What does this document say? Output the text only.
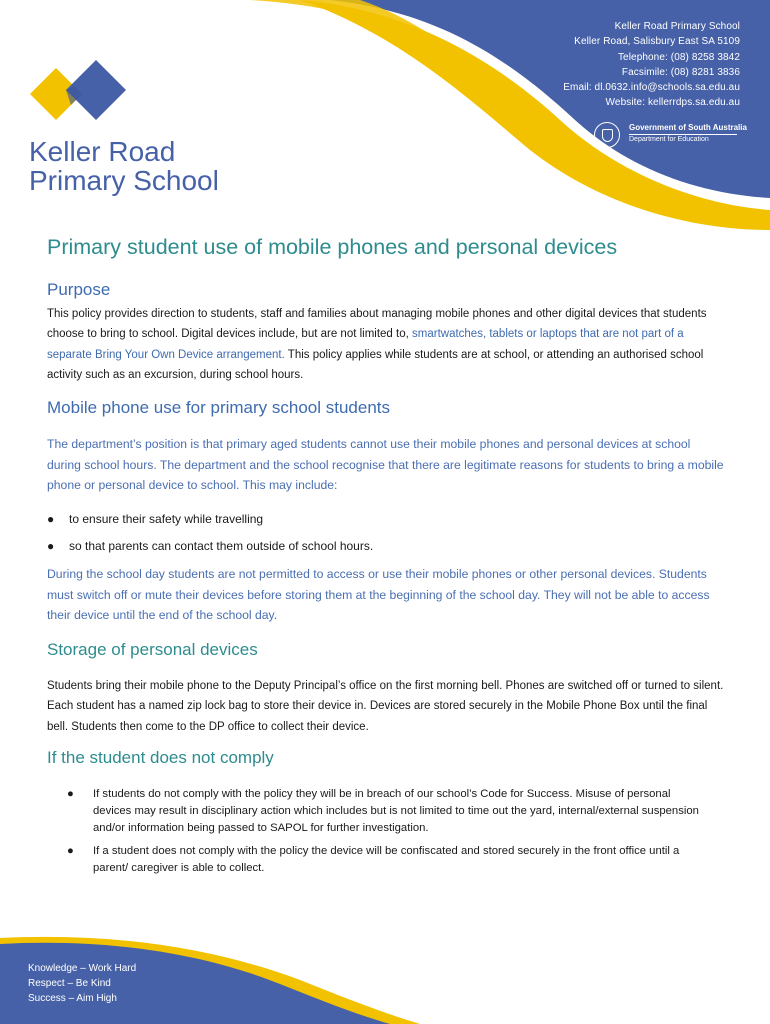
Keller Road Primary School
Keller Road, Salisbury East SA 5109
Telephone: (08) 8258 3842
Facsimile: (08) 8281 3836
Email: dl.0632.info@schools.sa.edu.au
Website: kellerrdps.sa.edu.au
Government of South Australia
Department for Education
Keller Road
Primary School
Primary student use of mobile phones and personal devices
Purpose
This policy provides direction to students, staff and families about managing mobile phones and other digital devices that students choose to bring to school. Digital devices include, but are not limited to, smartwatches, tablets or laptops that are not part of a separate Bring Your Own Device arrangement. This policy applies while students are at school, or attending an authorised school activity such as an excursion, during school hours.
Mobile phone use for primary school students
The department’s position is that primary aged students cannot use their mobile phones and personal devices at school during school hours. The department and the school recognise that there are legitimate reasons for students to bring a mobile phone or personal device to school. This may include:
● to ensure their safety while travelling
● so that parents can contact them outside of school hours.
During the school day students are not permitted to access or use their mobile phones or other personal devices. Students must switch off or mute their devices before storing them at the beginning of the school day. They will not be able to access their device until the end of the school day.
Storage of personal devices
Students bring their mobile phone to the Deputy Principal’s office on the first morning bell. Phones are switched off or turned to silent. Each student has a named zip lock bag to store their device in. Devices are stored securely in the Mobile Phone Box until the final bell. Students then come to the DP office to collect their device.
If the student does not comply
● If students do not comply with the policy they will be in breach of our school’s Code for Success. Misuse of personal devices may result in disciplinary action which includes but is not limited to time out the yard, internal/external suspension and/or information being passed to SAPOL for further investigation.
● If a student does not comply with the policy the device will be confiscated and stored securely in the front office until a parent/ caregiver is able to collect.
Knowledge – Work Hard
Respect – Be Kind
Success – Aim High
